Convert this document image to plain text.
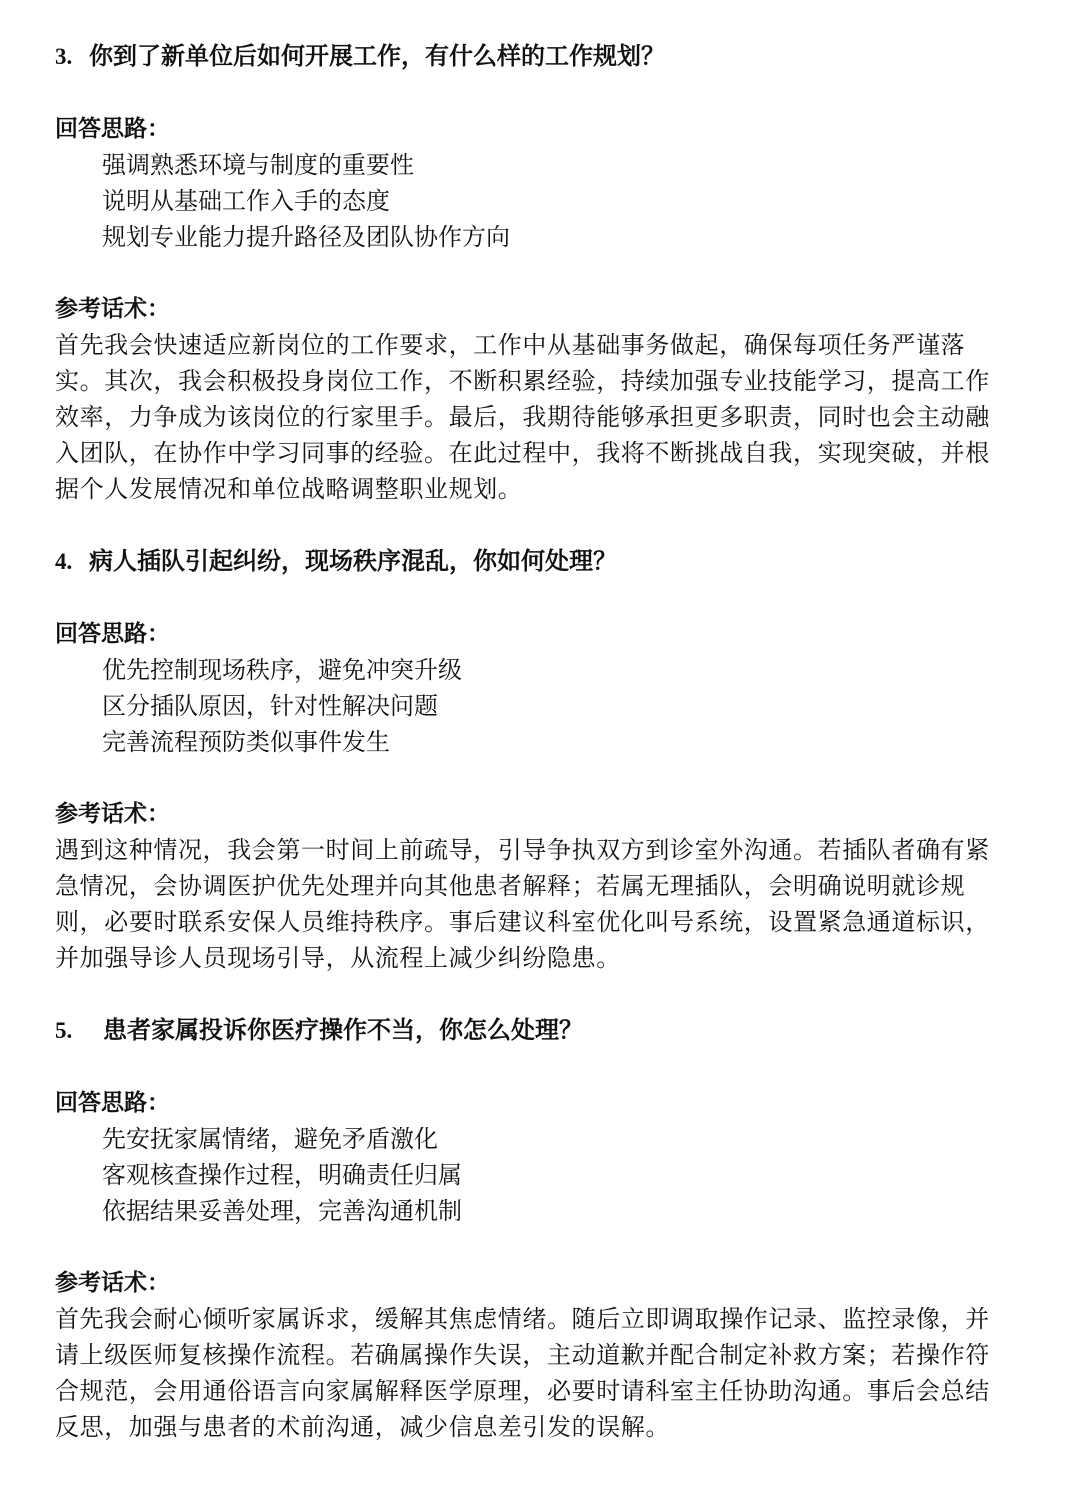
3. 你到了新单位后如何开展工作，有什么样的工作规划？

回答思路：

强调熟悉环境与制度的重要性
说明从基础工作入手的态度
规划专业能力提升路径及团队协作方向

参考话术：

首先我会快速适应新岗位的工作要求，工作中从基础事务做起，确保每项任务严谨落实。其次，我会积极投身岗位工作，不断积累经验，持续加强专业技能学习，提高工作效率，力争成为该岗位的行家里手。最后，我期待能够承担更多职责，同时也会主动融入团队，在协作中学习同事的经验。在此过程中，我将不断挑战自我，实现突破，并根据个人发展情况和单位战略调整职业规划。

4. 病人插队引起纠纷，现场秩序混乱，你如何处理？

回答思路：

优先控制现场秩序，避免冲突升级
区分插队原因，针对性解决问题
完善流程预防类似事件发生

参考话术：

遇到这种情况，我会第一时间上前疏导，引导争执双方到诊室外沟通。若插队者确有紧急情况，会协调医护优先处理并向其他患者解释；若属无理插队，会明确说明就诊规则，必要时联系安保人员维持秩序。事后建议科室优化叫号系统，设置紧急通道标识，并加强导诊人员现场引导，从流程上减少纠纷隐患。

5.	患者家属投诉你医疗操作不当，你怎么处理？

回答思路：

先安抚家属情绪，避免矛盾激化
客观核查操作过程，明确责任归属
依据结果妥善处理，完善沟通机制

参考话术：

首先我会耐心倾听家属诉求，缓解其焦虑情绪。随后立即调取操作记录、监控录像，并请上级医师复核操作流程。若确属操作失误，主动道歉并配合制定补救方案；若操作符合规范，会用通俗语言向家属解释医学原理，必要时请科室主任协助沟通。事后会总结反思，加强与患者的术前沟通，减少信息差引发的误解。
